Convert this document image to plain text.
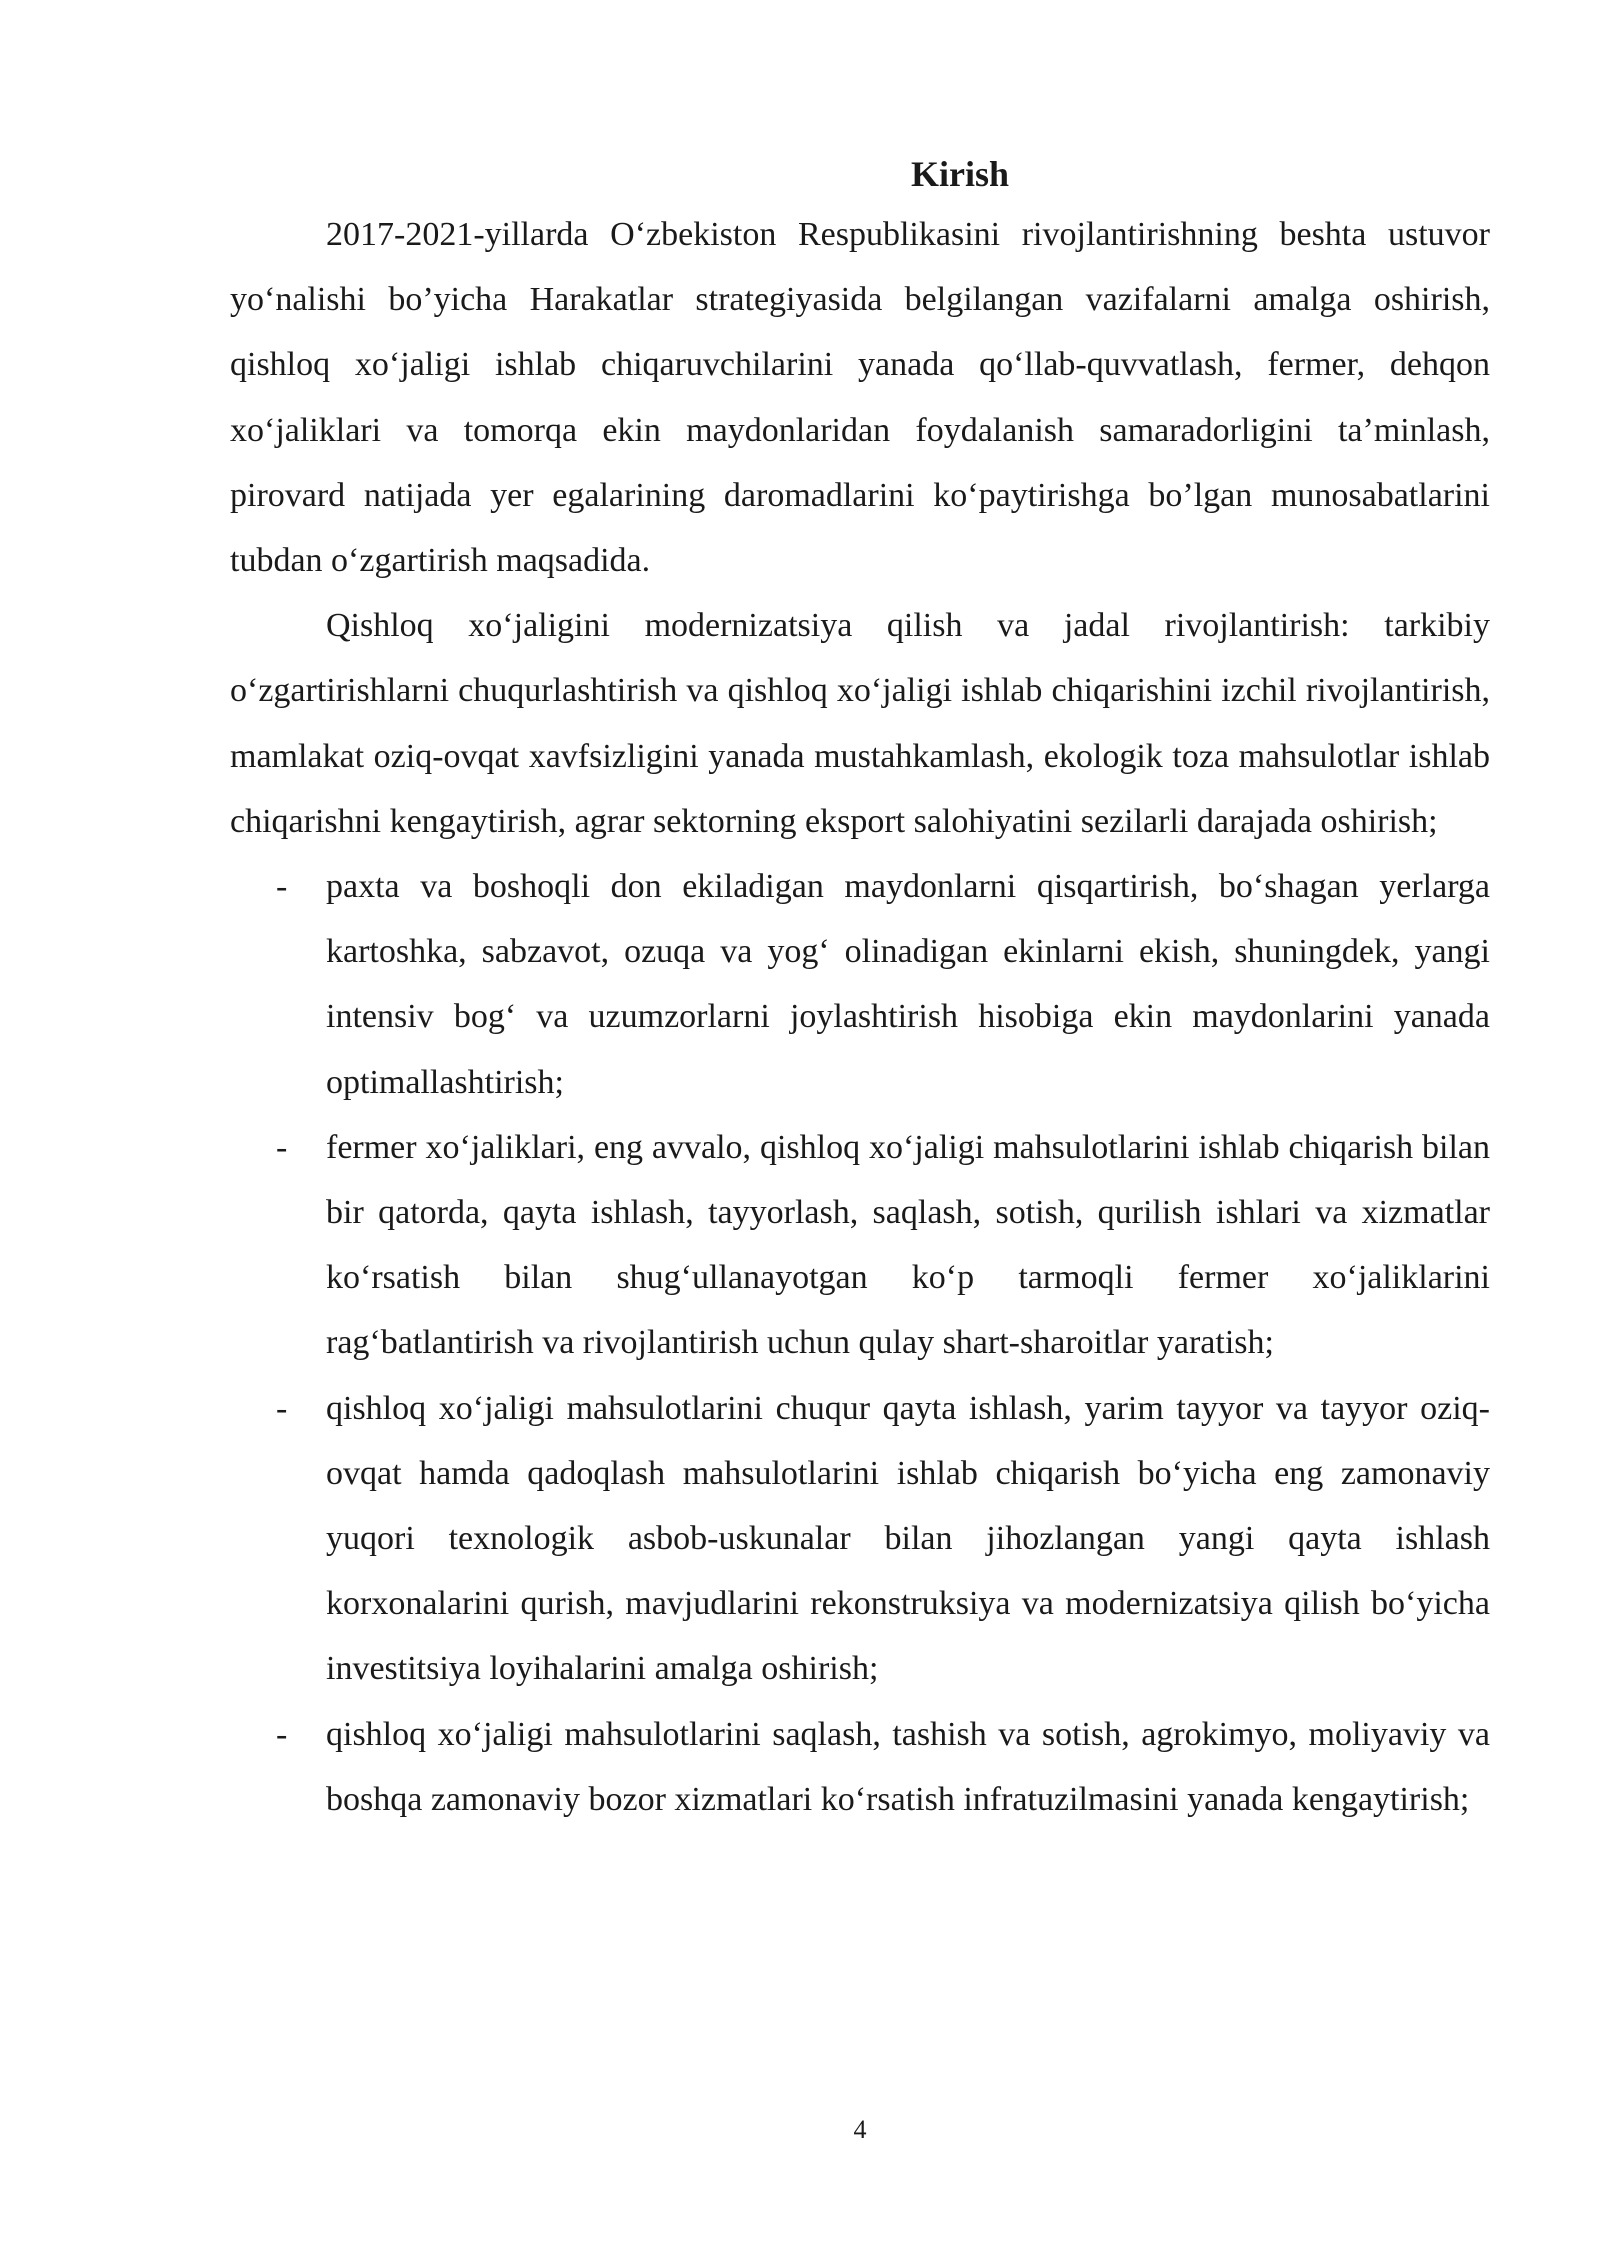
Kirish

2017-2021-yillarda O‘zbekiston Respublikasini rivojlantirishning beshta ustuvor yo‘nalishi bo’yicha Harakatlar strategiyasida belgilangan vazifalarni amalga oshirish, qishloq xo‘jaligi ishlab chiqaruvchilarini yanada qo‘llab-quvvatlash, fermer, dehqon xo‘jaliklari va tomorqa ekin maydonlaridan foydalanish samaradorligini ta’minlash, pirovard natijada yer egalarining daromadlarini ko‘paytirishga bo’lgan munosabatlarini tubdan o‘zgartirish maqsadida.

Qishloq xo‘jaligini modernizatsiya qilish va jadal rivojlantirish: tarkibiy o‘zgartirishlarni chuqurlashtirish va qishloq xo‘jaligi ishlab chiqarishini izchil rivojlantirish, mamlakat oziq-ovqat xavfsizligini yanada mustahkamlash, ekologik toza mahsulotlar ishlab chiqarishni kengaytirish, agrar sektorning eksport salohiyatini sezilarli darajada oshirish;

- paxta va boshoqli don ekiladigan maydonlarni qisqartirish, bo‘shagan yerlarga kartoshka, sabzavot, ozuqa va yog‘ olinadigan ekinlarni ekish, shuningdek, yangi intensiv bog‘ va uzumzorlarni joylashtirish hisobiga ekin maydonlarini yanada optimallashtirish;
- fermer xo‘jaliklari, eng avvalo, qishloq xo‘jaligi mahsulotlarini ishlab chiqarish bilan bir qatorda, qayta ishlash, tayyorlash, saqlash, sotish, qurilish ishlari va xizmatlar ko‘rsatish bilan shug‘ullanayotgan ko‘p tarmoqli fermer xo‘jaliklarini rag‘batlantirish va rivojlantirish uchun qulay shart-sharoitlar yaratish;
- qishloq xo‘jaligi mahsulotlarini chuqur qayta ishlash, yarim tayyor va tayyor oziq-ovqat hamda qadoqlash mahsulotlarini ishlab chiqarish bo‘yicha eng zamonaviy yuqori texnologik asbob-uskunalar bilan jihozlangan yangi qayta ishlash korxonalarini qurish, mavjudlarini rekonstruksiya va modernizatsiya qilish bo‘yicha investitsiya loyihalarini amalga oshirish;
- qishloq xo‘jaligi mahsulotlarini saqlash, tashish va sotish, agrokimyo, moliyaviy va boshqa zamonaviy bozor xizmatlari ko‘rsatish infratuzilmasini yanada kengaytirish;
4
